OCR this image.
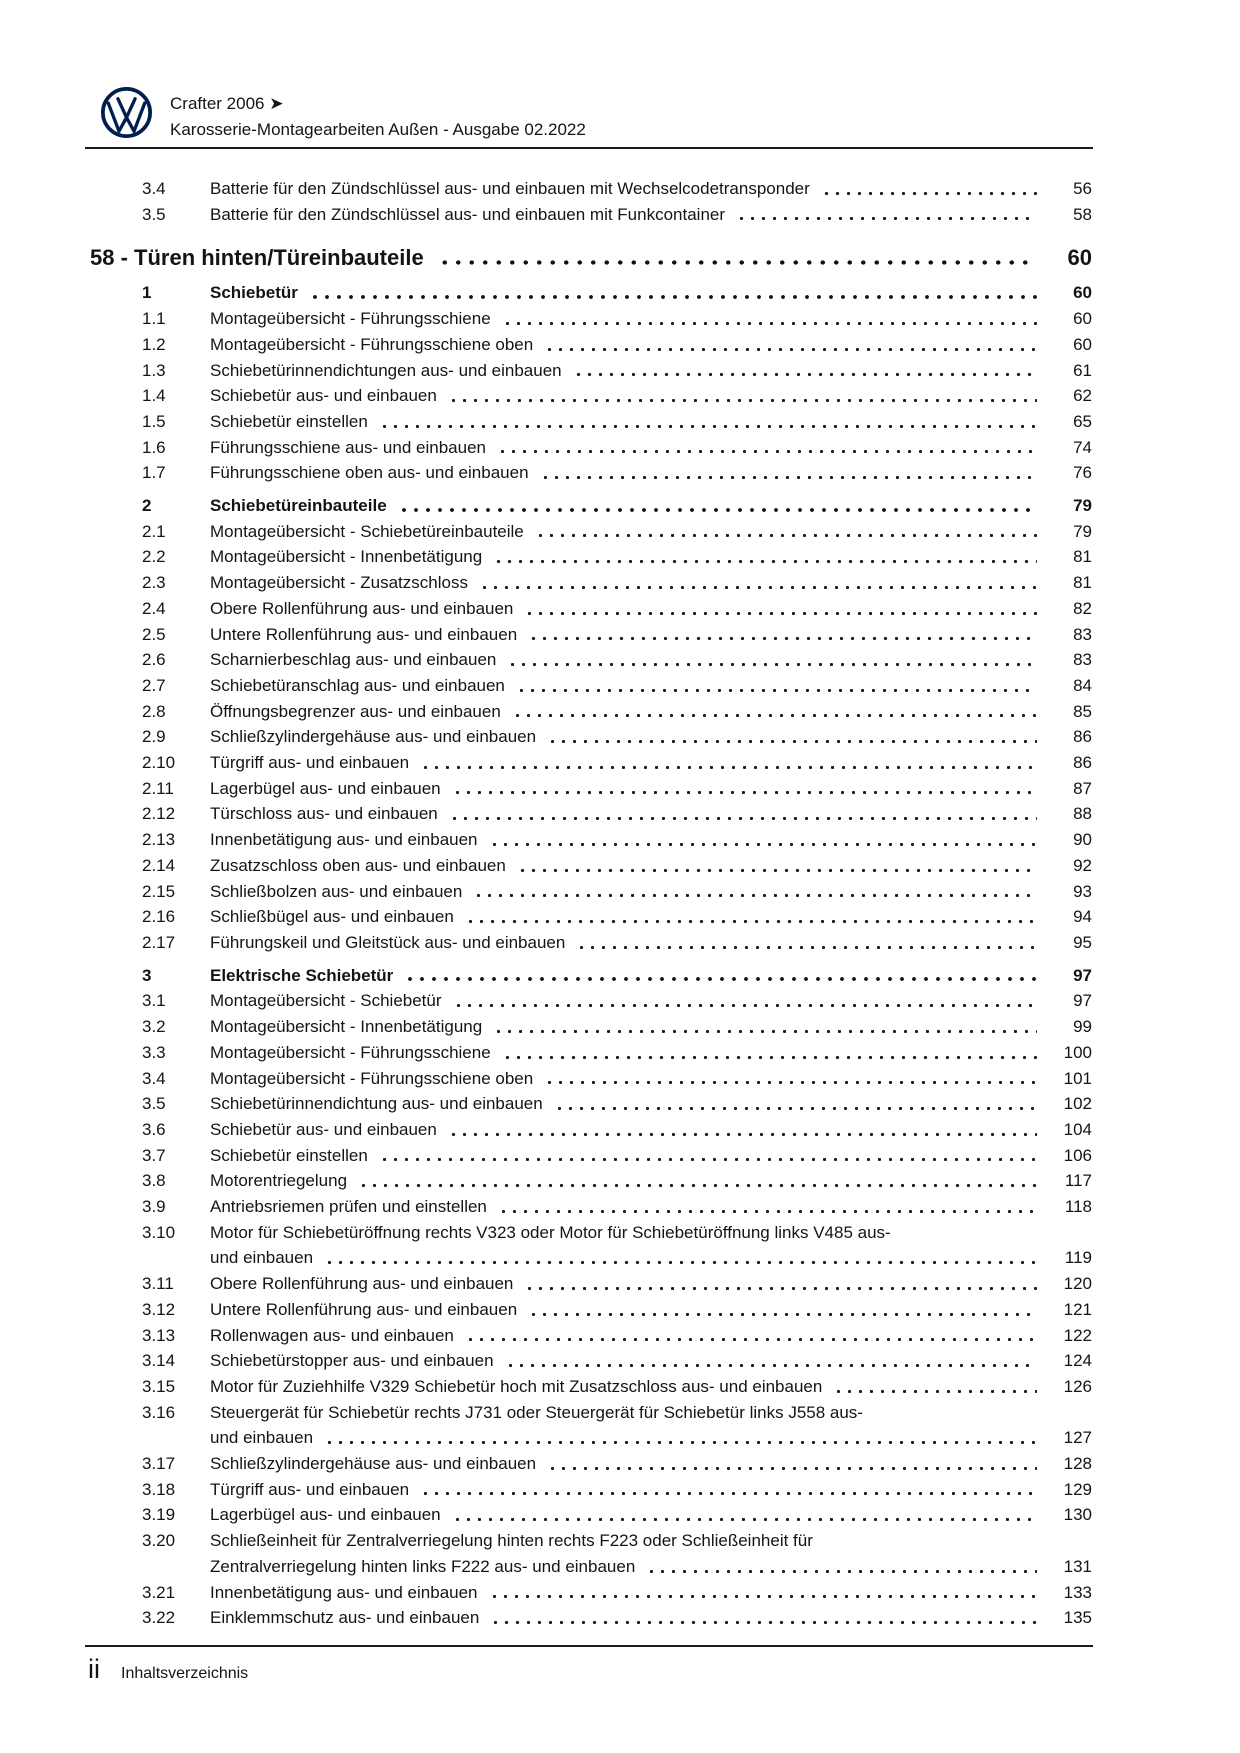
Crafter 2006 ➤
Karosserie-Montagearbeiten Außen - Ausgabe 02.2022
3.4	Batterie für den Zündschlüssel aus- und einbauen mit Wechselcodetransponder	56
3.5	Batterie für den Zündschlüssel aus- und einbauen mit Funkcontainer	58
58 - Türen hinten/Türeinbauteile	60
1	Schiebetür	60
1.1	Montageübersicht - Führungsschiene	60
1.2	Montageübersicht - Führungsschiene oben	60
1.3	Schiebetürinnendichtungen aus- und einbauen	61
1.4	Schiebetür aus- und einbauen	62
1.5	Schiebetür einstellen	65
1.6	Führungsschiene aus- und einbauen	74
1.7	Führungsschiene oben aus- und einbauen	76
2	Schiebetüreinbauteile	79
2.1	Montageübersicht - Schiebetüreinbauteile	79
2.2	Montageübersicht - Innenbetätigung	81
2.3	Montageübersicht - Zusatzschloss	81
2.4	Obere Rollenführung aus- und einbauen	82
2.5	Untere Rollenführung aus- und einbauen	83
2.6	Scharnierbeschlag aus- und einbauen	83
2.7	Schiebetüranschlag aus- und einbauen	84
2.8	Öffnungsbegrenzer aus- und einbauen	85
2.9	Schließzylindergehäuse aus- und einbauen	86
2.10	Türgriff aus- und einbauen	86
2.11	Lagerbügel aus- und einbauen	87
2.12	Türschloss aus- und einbauen	88
2.13	Innenbetätigung aus- und einbauen	90
2.14	Zusatzschloss oben aus- und einbauen	92
2.15	Schließbolzen aus- und einbauen	93
2.16	Schließbügel aus- und einbauen	94
2.17	Führungskeil und Gleitstück aus- und einbauen	95
3	Elektrische Schiebetür	97
3.1	Montageübersicht - Schiebetür	97
3.2	Montageübersicht - Innenbetätigung	99
3.3	Montageübersicht - Führungsschiene	100
3.4	Montageübersicht - Führungsschiene oben	101
3.5	Schiebetürinnendichtung aus- und einbauen	102
3.6	Schiebetür aus- und einbauen	104
3.7	Schiebetür einstellen	106
3.8	Motorentriegelung	117
3.9	Antriebsriemen prüfen und einstellen	118
3.10	Motor für Schiebetüröffnung rechts V323 oder Motor für Schiebetüröffnung links V485 aus-
und einbauen	119
3.11	Obere Rollenführung aus- und einbauen	120
3.12	Untere Rollenführung aus- und einbauen	121
3.13	Rollenwagen aus- und einbauen	122
3.14	Schiebetürstopper aus- und einbauen	124
3.15	Motor für Zuziehhilfe V329 Schiebetür hoch mit Zusatzschloss aus- und einbauen	126
3.16	Steuergerät für Schiebetür rechts J731 oder Steuergerät für Schiebetür links J558 aus-
und einbauen	127
3.17	Schließzylindergehäuse aus- und einbauen	128
3.18	Türgriff aus- und einbauen	129
3.19	Lagerbügel aus- und einbauen	130
3.20	Schließeinheit für Zentralverriegelung hinten rechts F223 oder Schließeinheit für
Zentralverriegelung hinten links F222 aus- und einbauen	131
3.21	Innenbetätigung aus- und einbauen	133
3.22	Einklemmschutz aus- und einbauen	135
ii Inhaltsverzeichnis
